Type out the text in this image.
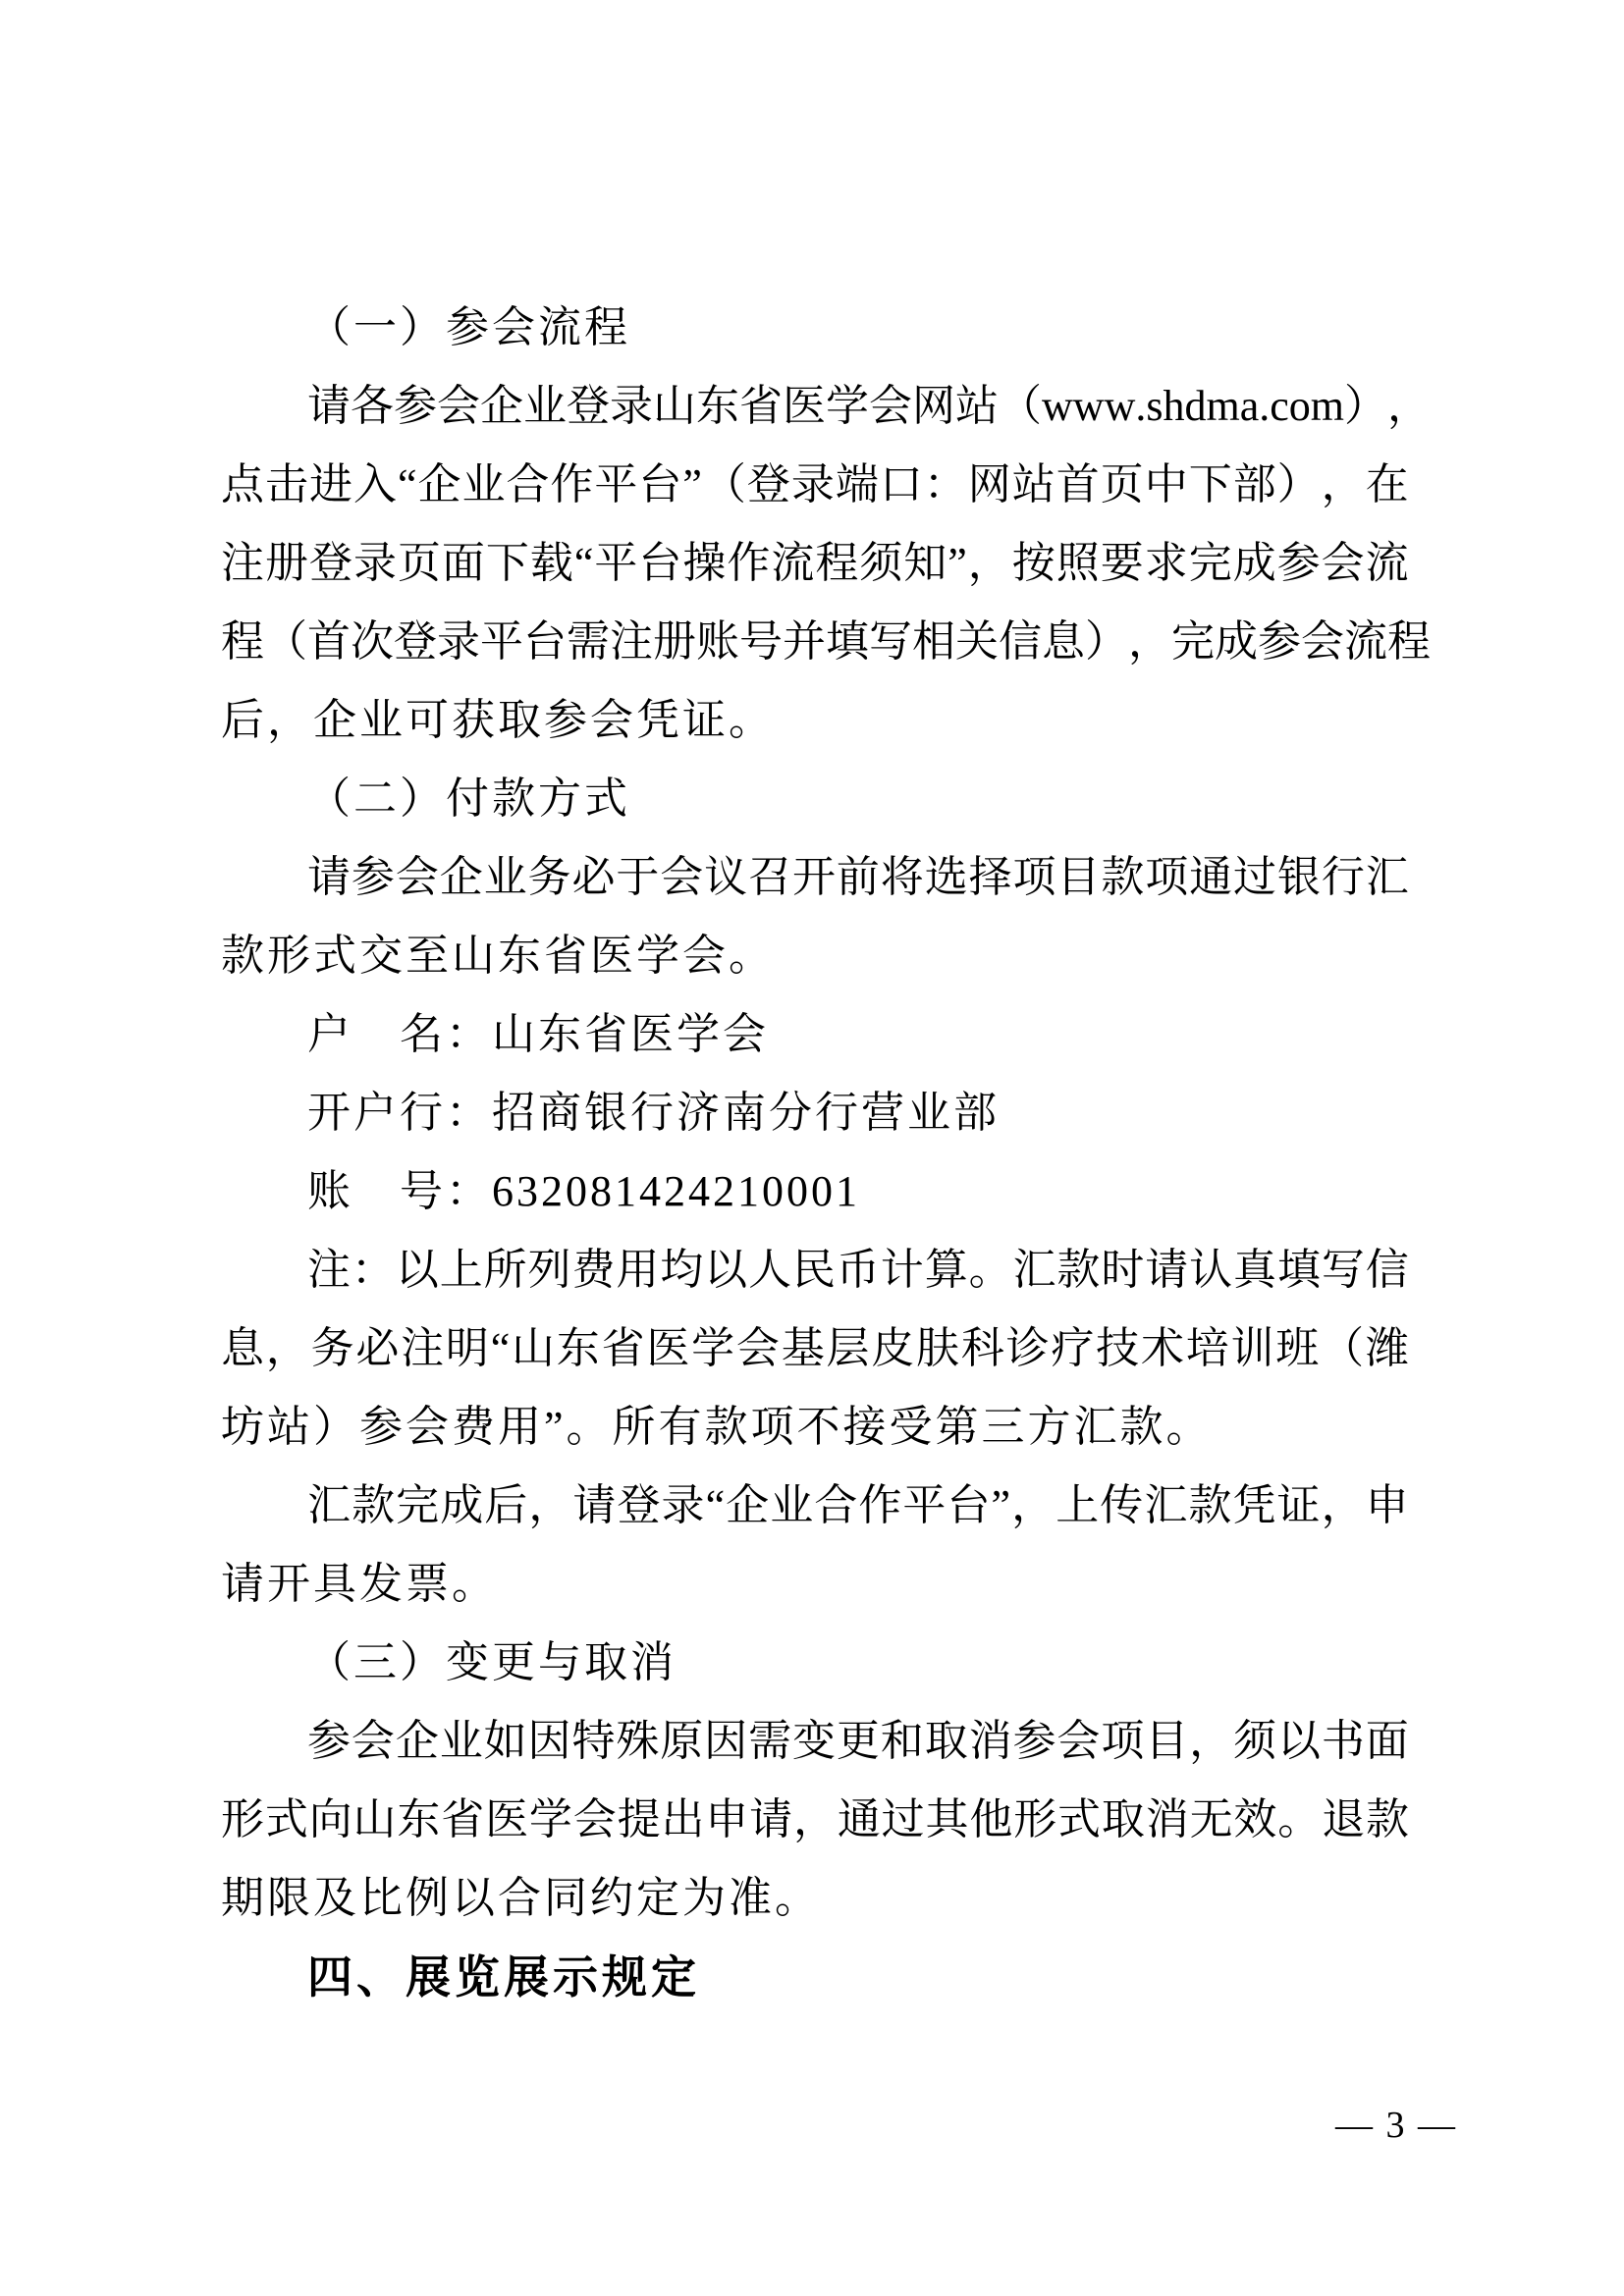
（一）参会流程
请 各 参 会 企 业 登 录 山 东 省 医 学 会 网 站 （ w w w . s h d m a . c o m ） ，
点 击 进 入 “ 企 业 合 作 平 台 ” （ 登 录 端 口 ： 网 站 首 页 中 下 部 ） ， 在
注 册 登 录 页 面 下 载 “ 平 台 操 作 流 程 须 知 ” ， 按 照 要 求 完 成 参 会 流
程 （ 首 次 登 录 平 台 需 注 册 账 号 并 填 写 相 关 信 息 ） ， 完 成 参 会 流 程
后，企业可获取参会凭证。
（二）付款方式
请 参 会 企 业 务 必 于 会 议 召 开 前 将 选 择 项 目 款 项 通 过 银 行 汇
款形式交至山东省医学会。
户　名：山东省医学会
开户行：招商银行济南分行营业部
账　号：632081424210001
注 ： 以 上 所 列 费 用 均 以 人 民 币 计 算 。 汇 款 时 请 认 真 填 写 信
息 ， 务 必 注 明 “ 山 东 省 医 学 会 基 层 皮 肤 科 诊 疗 技 术 培 训 班 （ 潍
坊站）参会费用”。所有款项不接受第三方汇款。
汇 款 完 成 后 ， 请 登 录 “ 企 业 合 作 平 台 ” ， 上 传 汇 款 凭 证 ， 申
请开具发票。
（三）变更与取消
参 会 企 业 如 因 特 殊 原 因 需 变 更 和 取 消 参 会 项 目 ， 须 以 书 面
形 式 向 山 东 省 医 学 会 提 出 申 请 ， 通 过 其 他 形 式 取 消 无 效 。 退 款
期限及比例以合同约定为准。
四、展览展示规定
— 3 —
